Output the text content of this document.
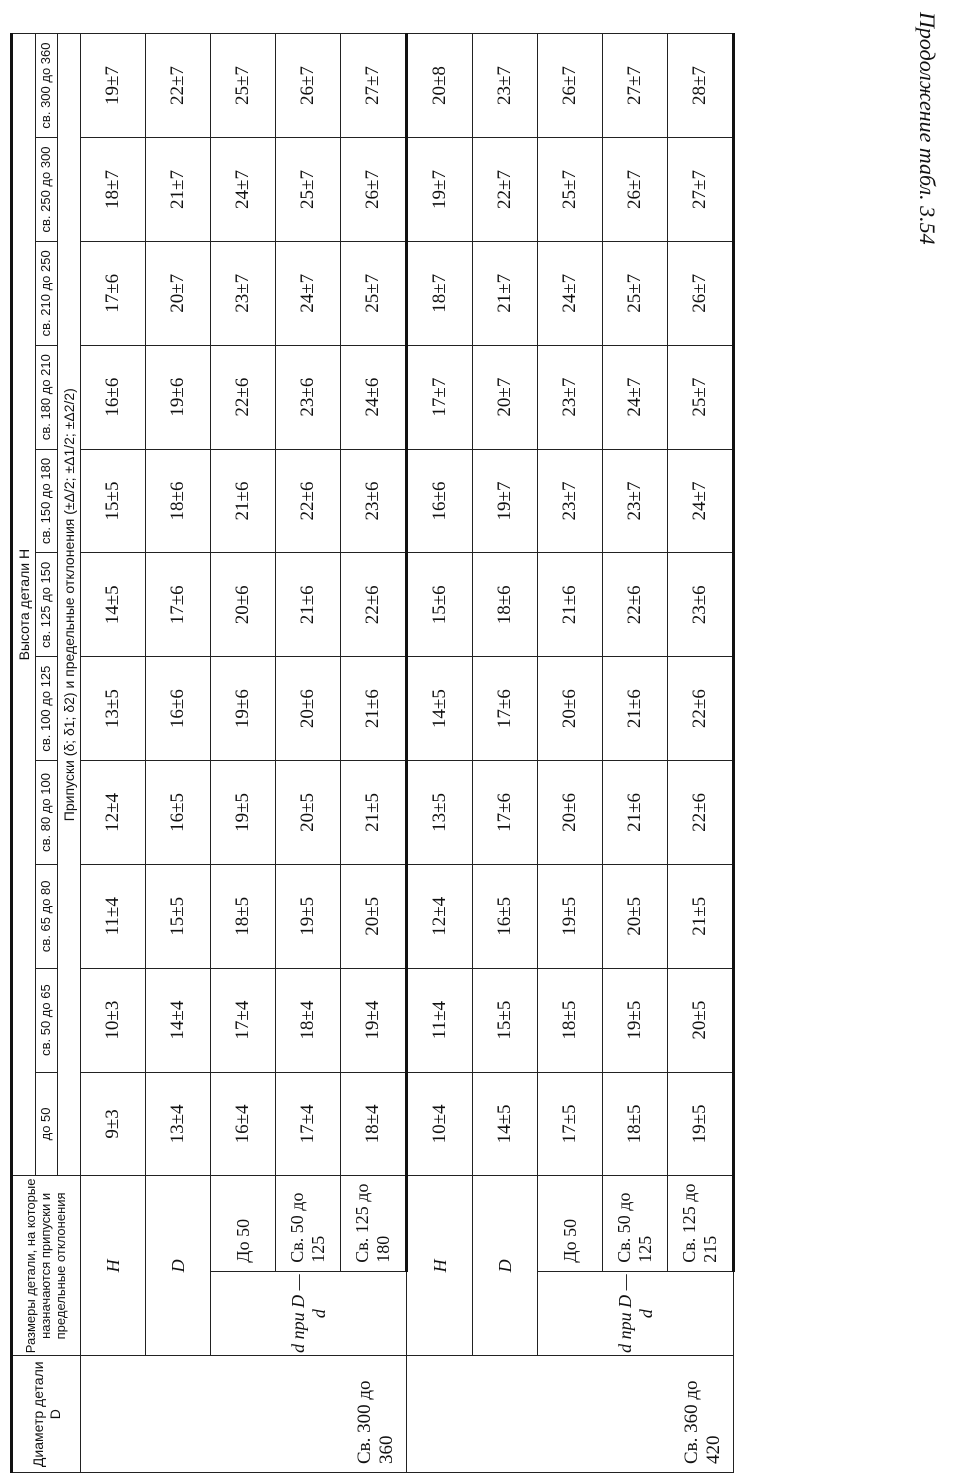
Продолжение табл. 3.54
Диаметр детали D	Размеры детали, на которые назначаются припуски и предельные отклонения		Высота детали H										
			до 50	св. 50 до 65	св. 65 до 80	св. 80 до 100	св. 100 до 125	св. 125 до 150	св. 150 до 180	св. 180 до 210	св. 210 до 250	св. 250 до 300	св. 300 до 360
			Припуски (δ; δ1; δ2) и предельные отклонения (±Δ/2; ±Δ1/2; ±Δ2/2)										
Св. 300 до 360	H		9±3	10±3	11±4	12±4	13±5	14±5	15±5	16±6	17±6	18±7	19±7
	D		13±4	14±4	15±5	16±5	16±6	17±6	18±6	19±6	20±7	21±7	22±7
	d при D — d	До 50	16±4	17±4	18±5	19±5	19±6	20±6	21±6	22±6	23±7	24±7	25±7
		Св. 50 до 125	17±4	18±4	19±5	20±5	20±6	21±6	22±6	23±6	24±7	25±7	26±7
		Св. 125 до 180	18±4	19±4	20±5	21±5	21±6	22±6	23±6	24±6	25±7	26±7	27±7
Св. 360 до 420	H		10±4	11±4	12±4	13±5	14±5	15±6	16±6	17±7	18±7	19±7	20±8
	D		14±5	15±5	16±5	17±6	17±6	18±6	19±7	20±7	21±7	22±7	23±7
	d при D — d	До 50	17±5	18±5	19±5	20±6	20±6	21±6	23±7	23±7	24±7	25±7	26±7
		Св. 50 до 125	18±5	19±5	20±5	21±6	21±6	22±6	23±7	24±7	25±7	26±7	27±7
		Св. 125 до 215	19±5	20±5	21±5	22±6	22±6	23±6	24±7	25±7	26±7	27±7	28±7
